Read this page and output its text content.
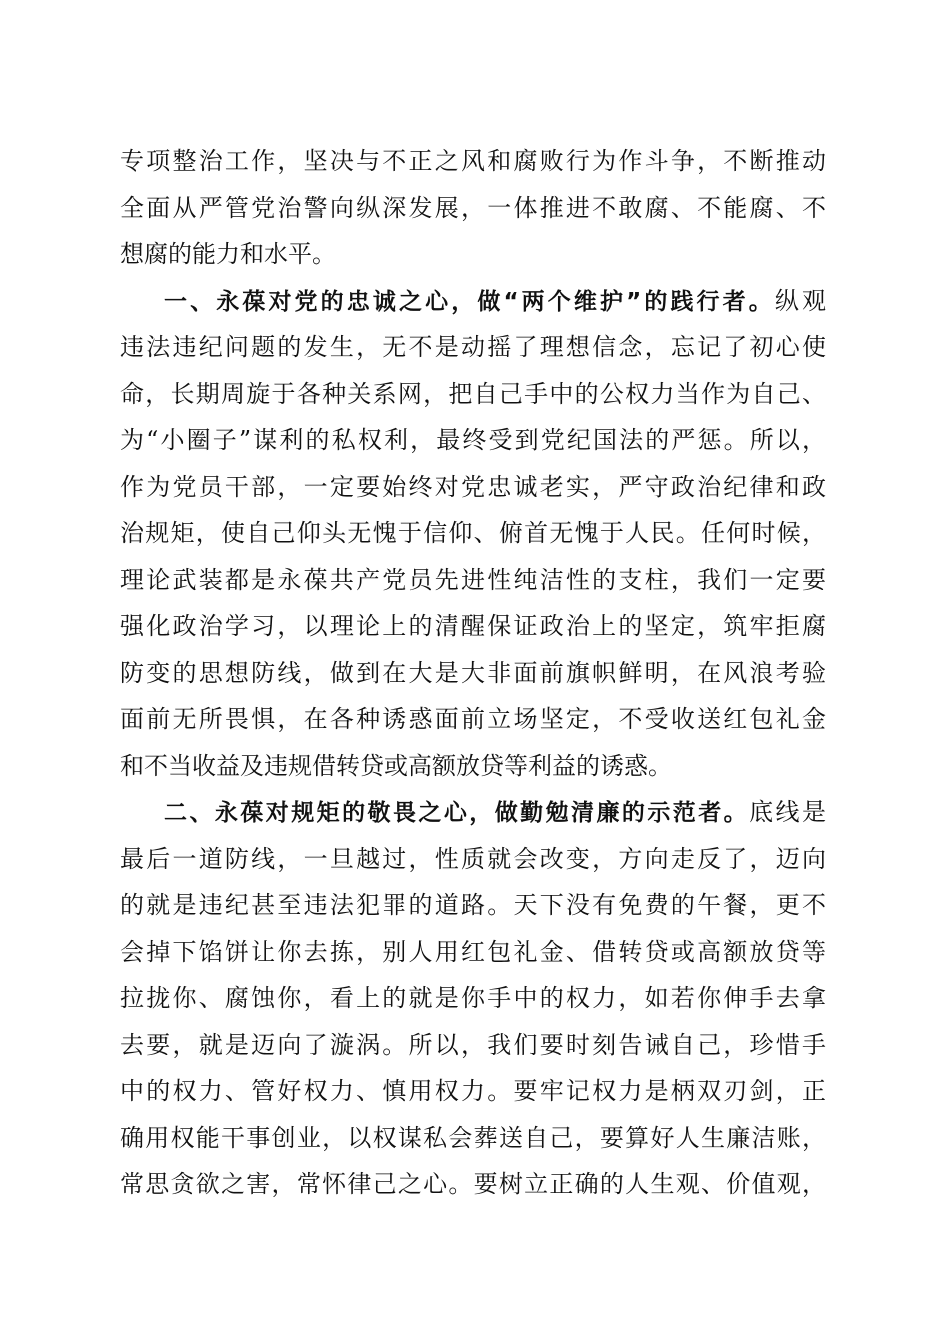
专项整治工作，坚决与不正之风和腐败行为作斗争，不断推动
全面从严管党治警向纵深发展，一体推进不敢腐、不能腐、不
想腐的能力和水平。
一、永葆对党的忠诚之心，做“两个维护”的践行者。纵观
违法违纪问题的发生，无不是动摇了理想信念，忘记了初心使
命，长期周旋于各种关系网，把自己手中的公权力当作为自己、
为“小圈子”谋利的私权利，最终受到党纪国法的严惩。所以，
作为党员干部，一定要始终对党忠诚老实，严守政治纪律和政
治规矩，使自己仰头无愧于信仰、俯首无愧于人民。任何时候，
理论武装都是永葆共产党员先进性纯洁性的支柱，我们一定要
强化政治学习，以理论上的清醒保证政治上的坚定，筑牢拒腐
防变的思想防线，做到在大是大非面前旗帜鲜明，在风浪考验
面前无所畏惧，在各种诱惑面前立场坚定，不受收送红包礼金
和不当收益及违规借转贷或高额放贷等利益的诱惑。
二、永葆对规矩的敬畏之心，做勤勉清廉的示范者。底线是
最后一道防线，一旦越过，性质就会改变，方向走反了，迈向
的就是违纪甚至违法犯罪的道路。天下没有免费的午餐，更不
会掉下馅饼让你去拣，别人用红包礼金、借转贷或高额放贷等
拉拢你、腐蚀你，看上的就是你手中的权力，如若你伸手去拿
去要，就是迈向了漩涡。所以，我们要时刻告诫自己，珍惜手
中的权力、管好权力、慎用权力。要牢记权力是柄双刃剑，正
确用权能干事创业，以权谋私会葬送自己，要算好人生廉洁账，
常思贪欲之害，常怀律己之心。要树立正确的人生观、价值观，
